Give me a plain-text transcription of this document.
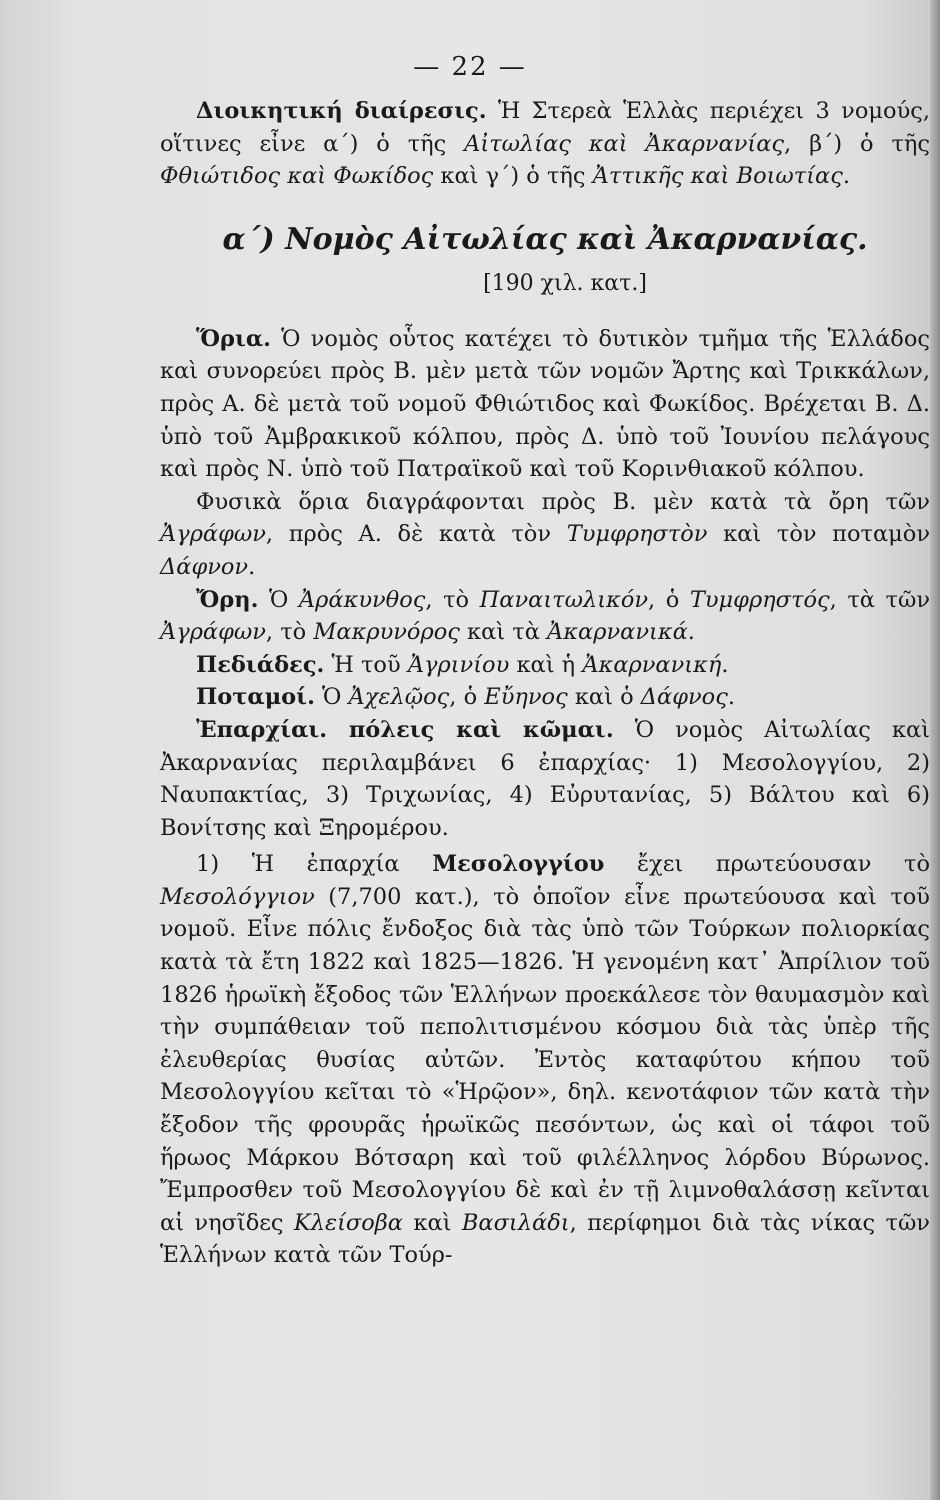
— 22 —

Διοικητική διαίρεσις. Ἡ Στερεὰ Ἑλλὰς περιέχει 3 νομούς, οἵτινες εἶνε α΄) ὁ τῆς Αἰτωλίας καὶ Ἀκαρνανίας, β΄) ὁ τῆς Φθιώτιδος καὶ Φωκίδος καὶ γ΄) ὁ τῆς Ἀττικῆς καὶ Βοιωτίας.

α΄) Νομὸς Αἰτωλίας καὶ Ἀκαρνανίας.
[190 χιλ. κατ.]

Ὅρια. Ὁ νομὸς οὗτος κατέχει τὸ δυτικὸν τμῆμα τῆς Ἑλλάδος καὶ συνορεύει πρὸς Β. μὲν μετὰ τῶν νομῶν Ἄρτης καὶ Τρικκάλων, πρὸς Α. δὲ μετὰ τοῦ νομοῦ Φθιώτιδος καὶ Φωκίδος. Βρέχεται Β. Δ. ὑπὸ τοῦ Ἀμβρακικοῦ κόλπου, πρὸς Δ. ὑπὸ τοῦ Ἰουνίου πελάγους καὶ πρὸς Ν. ὑπὸ τοῦ Πατραϊκοῦ καὶ τοῦ Κορινθιακοῦ κόλπου.

Φυσικὰ ὅρια διαγράφονται πρὸς Β. μὲν κατὰ τὰ ὄρη τῶν Ἀγράφων, πρὸς Α. δὲ κατὰ τὸν Τυμφρηστὸν καὶ τὸν ποταμὸν Δάφνον.

Ὄρη. Ὁ Ἀράκυνθος, τὸ Παναιτωλικόν, ὁ Τυμφρηστός, τὰ τῶν Ἀγράφων, τὸ Μακρυνόρος καὶ τὰ Ἀκαρνανικά.

Πεδιάδες. Ἡ τοῦ Ἀγρινίου καὶ ἡ Ἀκαρνανική.

Ποταμοί. Ὁ Ἀχελῷος, ὁ Εὔηνος καὶ ὁ Δάφνος.

Ἐπαρχίαι. πόλεις καὶ κῶμαι. Ὁ νομὸς Αἰτωλίας καὶ Ἀκαρνανίας περιλαμβάνει 6 ἐπαρχίας· 1) Μεσολογγίου, 2) Ναυπακτίας, 3) Τριχωνίας, 4) Εὐρυτανίας, 5) Βάλτου καὶ 6) Βονίτσης καὶ Ξηρομέρου.

1) Ἡ ἐπαρχία Μεσολογγίου ἔχει πρωτεύουσαν τὸ Μεσολόγγιον (7,700 κατ.), τὸ ὁποῖον εἶνε πρωτεύουσα καὶ τοῦ νομοῦ. Εἶνε πόλις ἔνδοξος διὰ τὰς ὑπὸ τῶν Τούρκων πολιορκίας κατὰ τὰ ἔτη 1822 καὶ 1825—1826. Ἡ γενομένη κατ᾽ Ἀπρίλιον τοῦ 1826 ἡρωϊκὴ ἔξοδος τῶν Ἑλλήνων προεκάλεσε τὸν θαυμασμὸν καὶ τὴν συμπάθειαν τοῦ πεπολιτισμένου κόσμου διὰ τὰς ὑπὲρ τῆς ἐλευθερίας θυσίας αὐτῶν. Ἐντὸς καταφύτου κήπου τοῦ Μεσολογγίου κεῖται τὸ «Ἡρῷον», δηλ. κενοτάφιον τῶν κατὰ τὴν ἔξοδον τῆς φρουρᾶς ἡρωϊκῶς πεσόντων, ὡς καὶ οἱ τάφοι τοῦ ἥρωος Μάρκου Βότσαρη καὶ τοῦ φιλέλληνος λόρδου Βύρωνος. Ἔμπροσθεν τοῦ Μεσολογγίου δὲ καὶ ἐν τῇ λιμνοθαλάσσῃ κεῖνται αἱ νησῖδες Κλείσοβα καὶ Βασιλάδι, περίφημοι διὰ τὰς νίκας τῶν Ἑλλήνων κατὰ τῶν Τούρ-
